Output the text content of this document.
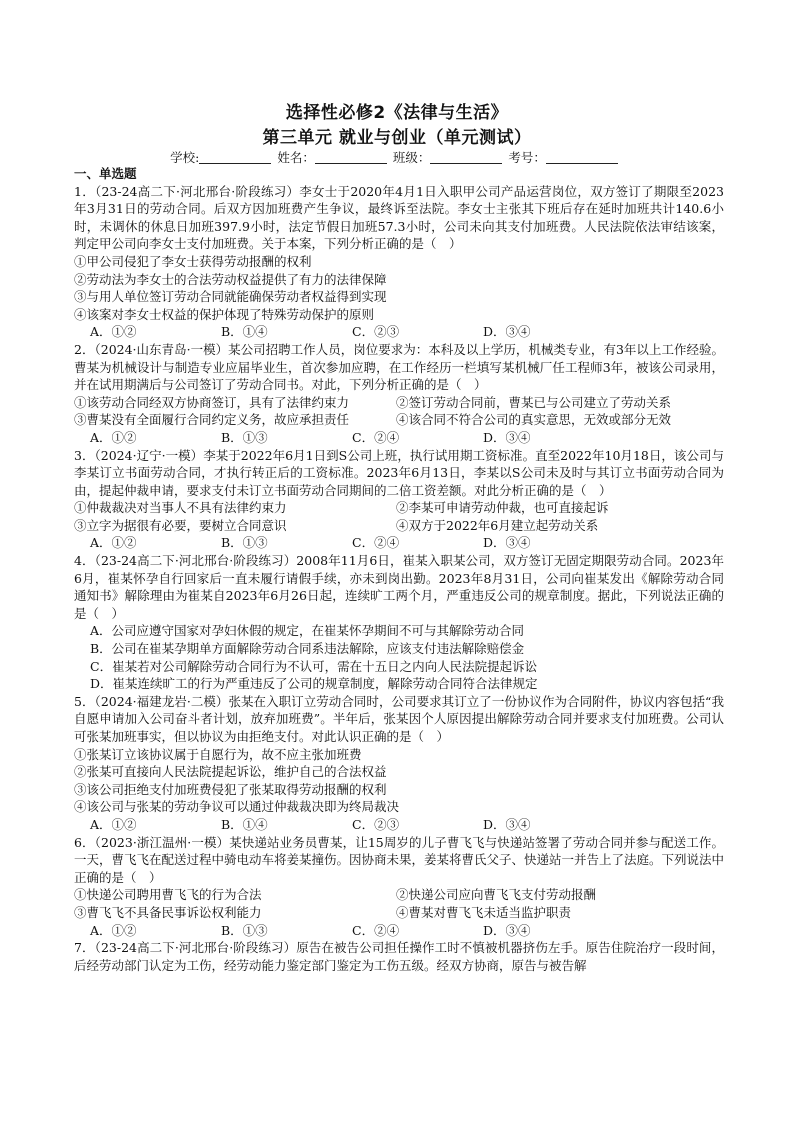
选择性必修2《法律与生活》
第三单元 就业与创业（单元测试）
学校:	姓名：	班级：	考号：
一、单选题

1．（23-24高二下·河北邢台·阶段练习）李女士于2020年4月1日入职甲公司产品运营岗位，双方签订了期限至2023年3月31日的劳动合同。后双方因加班费产生争议，最终诉至法院。李女士主张其下班后存在延时加班共计140.6小时，未调休的休息日加班397.9小时，法定节假日加班57.3小时，公司未向其支付加班费。人民法院依法审结该案，判定甲公司向李女士支付加班费。关于本案，下列分析正确的是（　）

①甲公司侵犯了李女士获得劳动报酬的权利
②劳动法为李女士的合法劳动权益提供了有力的法律保障
③与用人单位签订劳动合同就能确保劳动者权益得到实现
④该案对李女士权益的保护体现了特殊劳动保护的原则
A．①②	B．①④	C．②③	D．③④

2．（2024·山东青岛·一模）某公司招聘工作人员，岗位要求为：本科及以上学历，机械类专业，有3年以上工作经验。曹某为机械设计与制造专业应届毕业生，首次参加应聘，在工作经历一栏填写某机械厂任工程师3年，被该公司录用，并在试用期满后与公司签订了劳动合同书。对此，下列分析正确的是（　）

①该劳动合同经双方协商签订，具有了法律约束力	②签订劳动合同前，曹某已与公司建立了劳动关系
③曹某没有全面履行合同约定义务，故应承担责任	④该合同不符合公司的真实意思，无效或部分无效
A．①②	B．①③	C．②④	D．③④

3．（2024·辽宁·一模）李某于2022年6月1日到S公司上班，执行试用期工资标准。直至2022年10月18日，该公司与李某订立书面劳动合同，才执行转正后的工资标准。2023年6月13日，李某以S公司未及时与其订立书面劳动合同为由，提起仲裁申请，要求支付未订立书面劳动合同期间的二倍工资差额。对此分析正确的是（　）

①仲裁裁决对当事人不具有法律约束力	②李某可申请劳动仲裁，也可直接起诉
③立字为据很有必要，要树立合同意识	④双方于2022年6月建立起劳动关系
A．①②	B．①③	C．②④	D．③④

4．（23-24高二下·河北邢台·阶段练习）2008年11月6日，崔某入职某公司，双方签订无固定期限劳动合同。2023年6月，崔某怀孕自行回家后一直未履行请假手续，亦未到岗出勤。2023年8月31日，公司向崔某发出《解除劳动合同通知书》解除理由为崔某自2023年6月26日起，连续旷工两个月，严重违反公司的规章制度。据此，下列说法正确的是（　）

A．公司应遵守国家对孕妇休假的规定，在崔某怀孕期间不可与其解除劳动合同
B．公司在崔某孕期单方面解除劳动合同系违法解除，应该支付违法解除赔偿金
C．崔某若对公司解除劳动合同行为不认可，需在十五日之内向人民法院提起诉讼
D．崔某连续旷工的行为严重违反了公司的规章制度，解除劳动合同符合法律规定

5．（2024·福建龙岩·二模）张某在入职订立劳动合同时，公司要求其订立了一份协议作为合同附件，协议内容包括“我自愿申请加入公司奋斗者计划，放弃加班费”。半年后，张某因个人原因提出解除劳动合同并要求支付加班费。公司认可张某加班事实，但以协议为由拒绝支付。对此认识正确的是（　）

①张某订立该协议属于自愿行为，故不应主张加班费
②张某可直接向人民法院提起诉讼，维护自己的合法权益
③该公司拒绝支付加班费侵犯了张某取得劳动报酬的权利
④该公司与张某的劳动争议可以通过仲裁裁决即为终局裁决
A．①②	B．①④	C．②③	D．③④

6．（2023·浙江温州·一模）某快递站业务员曹某，让15周岁的儿子曹飞飞与快递站签署了劳动合同并参与配送工作。一天，曹飞飞在配送过程中骑电动车将姜某撞伤。因协商未果，姜某将曹氏父子、快递站一并告上了法庭。下列说法中正确的是（　）

①快递公司聘用曹飞飞的行为合法	②快递公司应向曹飞飞支付劳动报酬
③曹飞飞不具备民事诉讼权利能力	④曹某对曹飞飞未适当监护职责
A．①②	B．①③	C．②④	D．③④

7．（23-24高二下·河北邢台·阶段练习）原告在被告公司担任操作工时不慎被机器挤伤左手。原告住院治疗一段时间，后经劳动部门认定为工伤，经劳动能力鉴定部门鉴定为工伤五级。经双方协商，原告与被告解
